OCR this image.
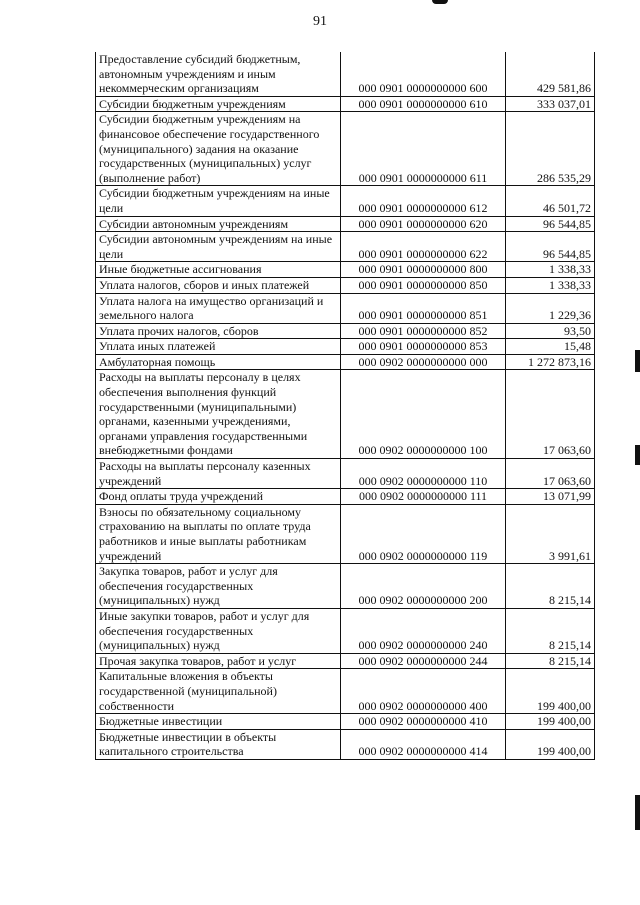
91
Предоставление субсидий бюджетным, автономным учреждениям и иным некоммерческим организациям	000 0901 0000000000 600	429 581,86
Субсидии бюджетным учреждениям	000 0901 0000000000 610	333 037,01
Субсидии бюджетным учреждениям на финансовое обеспечение государственного (муниципального) задания на оказание государственных (муниципальных) услуг (выполнение работ)	000 0901 0000000000 611	286 535,29
Субсидии бюджетным учреждениям на иные цели	000 0901 0000000000 612	46 501,72
Субсидии автономным учреждениям	000 0901 0000000000 620	96 544,85
Субсидии автономным учреждениям на иные цели	000 0901 0000000000 622	96 544,85
Иные бюджетные ассигнования	000 0901 0000000000 800	1 338,33
Уплата налогов, сборов и иных платежей	000 0901 0000000000 850	1 338,33
Уплата налога на имущество организаций и земельного налога	000 0901 0000000000 851	1 229,36
Уплата прочих налогов, сборов	000 0901 0000000000 852	93,50
Уплата иных платежей	000 0901 0000000000 853	15,48
Амбулаторная помощь	000 0902 0000000000 000	1 272 873,16
Расходы на выплаты персоналу в целях обеспечения выполнения функций государственными (муниципальными) органами, казенными учреждениями, органами управления государственными внебюджетными фондами	000 0902 0000000000 100	17 063,60
Расходы на выплаты персоналу казенных учреждений	000 0902 0000000000 110	17 063,60
Фонд оплаты труда учреждений	000 0902 0000000000 111	13 071,99
Взносы по обязательному социальному страхованию на выплаты по оплате труда работников и иные выплаты работникам учреждений	000 0902 0000000000 119	3 991,61
Закупка товаров, работ и услуг для обеспечения государственных (муниципальных) нужд	000 0902 0000000000 200	8 215,14
Иные закупки товаров, работ и услуг для обеспечения государственных (муниципальных) нужд	000 0902 0000000000 240	8 215,14
Прочая закупка товаров, работ и услуг	000 0902 0000000000 244	8 215,14
Капитальные вложения в объекты государственной (муниципальной) собственности	000 0902 0000000000 400	199 400,00
Бюджетные инвестиции	000 0902 0000000000 410	199 400,00
Бюджетные инвестиции в объекты капитального строительства	000 0902 0000000000 414	199 400,00
